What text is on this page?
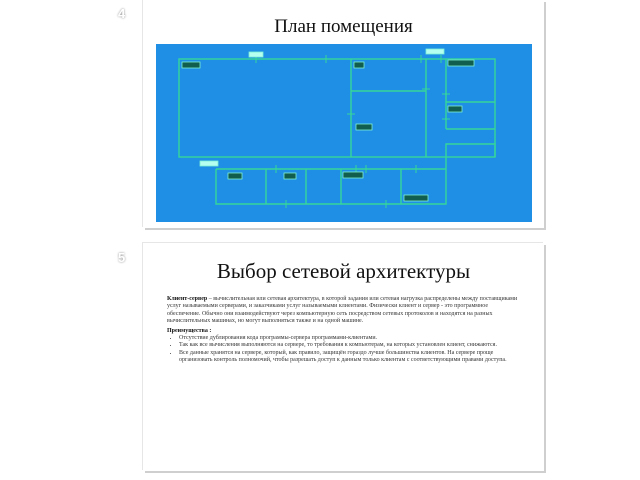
4
План помещения
5
Выбор сетевой архитектуры
Клиент-сервер – вычислительная или сетевая архитектура, в которой задания или сетевая нагрузка распределены между поставщиками услуг называемыми серверами, и заказчиками услуг называемыми клиентами. Физически клиент и сервер - это программное обеспечение. Обычно они взаимодействуют через компьютерную сеть посредством сетевых протоколов и находятся на разных вычислительных машинах, но могут выполняться также и на одной машине.
Преимущества :
• Отсутствие дублирования кода программы-сервера программами-клиентами.
• Так как все вычисления выполняются на сервере, то требования к компьютерам, на которых установлен клиент, снижаются.
• Все данные хранятся на сервере, который, как правило, защищён гораздо лучше большинства клиентов. На сервере проще организовать контроль полномочий, чтобы разрешать доступ к данным только клиентам с соответствующими правами доступа.
